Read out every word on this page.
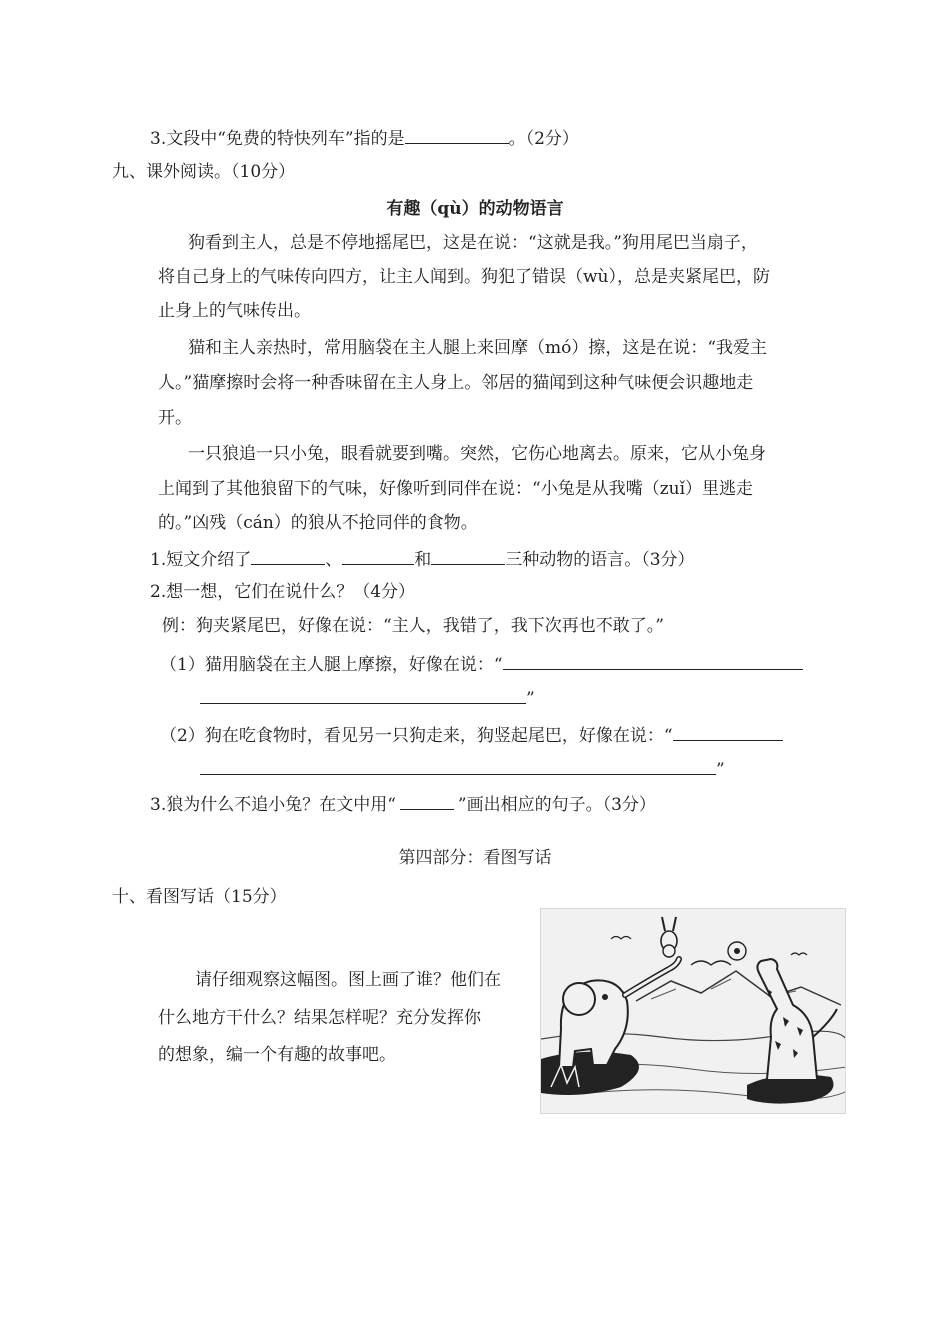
3.文段中“免费的特快列车”指的是	。（2分）
九、课外阅读。（10分）
有趣（qù）的动物语言
狗看到主人，总是不停地摇尾巴，这是在说：“这就是我。”狗用尾巴当扇子，
将自己身上的气味传向四方，让主人闻到。狗犯了错误（wù），总是夹紧尾巴，防
止身上的气味传出。
猫和主人亲热时，常用脑袋在主人腿上来回摩（mó）擦，这是在说：“我爱主
人。”猫摩擦时会将一种香味留在主人身上。邻居的猫闻到这种气味便会识趣地走
开。
一只狼追一只小兔，眼看就要到嘴。突然，它伤心地离去。原来，它从小兔身
上闻到了其他狼留下的气味，好像听到同伴在说：“小兔是从我嘴（zuǐ）里逃走
的。”凶残（cán）的狼从不抢同伴的食物。
1.短文介绍了	、	和	三种动物的语言。（3分）
2.想一想，它们在说什么？（4分）
例：狗夹紧尾巴，好像在说：“主人，我错了，我下次再也不敢了。”
（1）猫用脑袋在主人腿上摩擦，好像在说：“
”
（2）狗在吃食物时，看见另一只狗走来，狗竖起尾巴，好像在说：“
”
3.狼为什么不追小兔？在文中用“	”画出相应的句子。（3分）
第四部分：看图写话
十、看图写话（15分）
请仔细观察这幅图。图上画了谁？他们在
什么地方干什么？结果怎样呢？充分发挥你
的想象，编一个有趣的故事吧。
